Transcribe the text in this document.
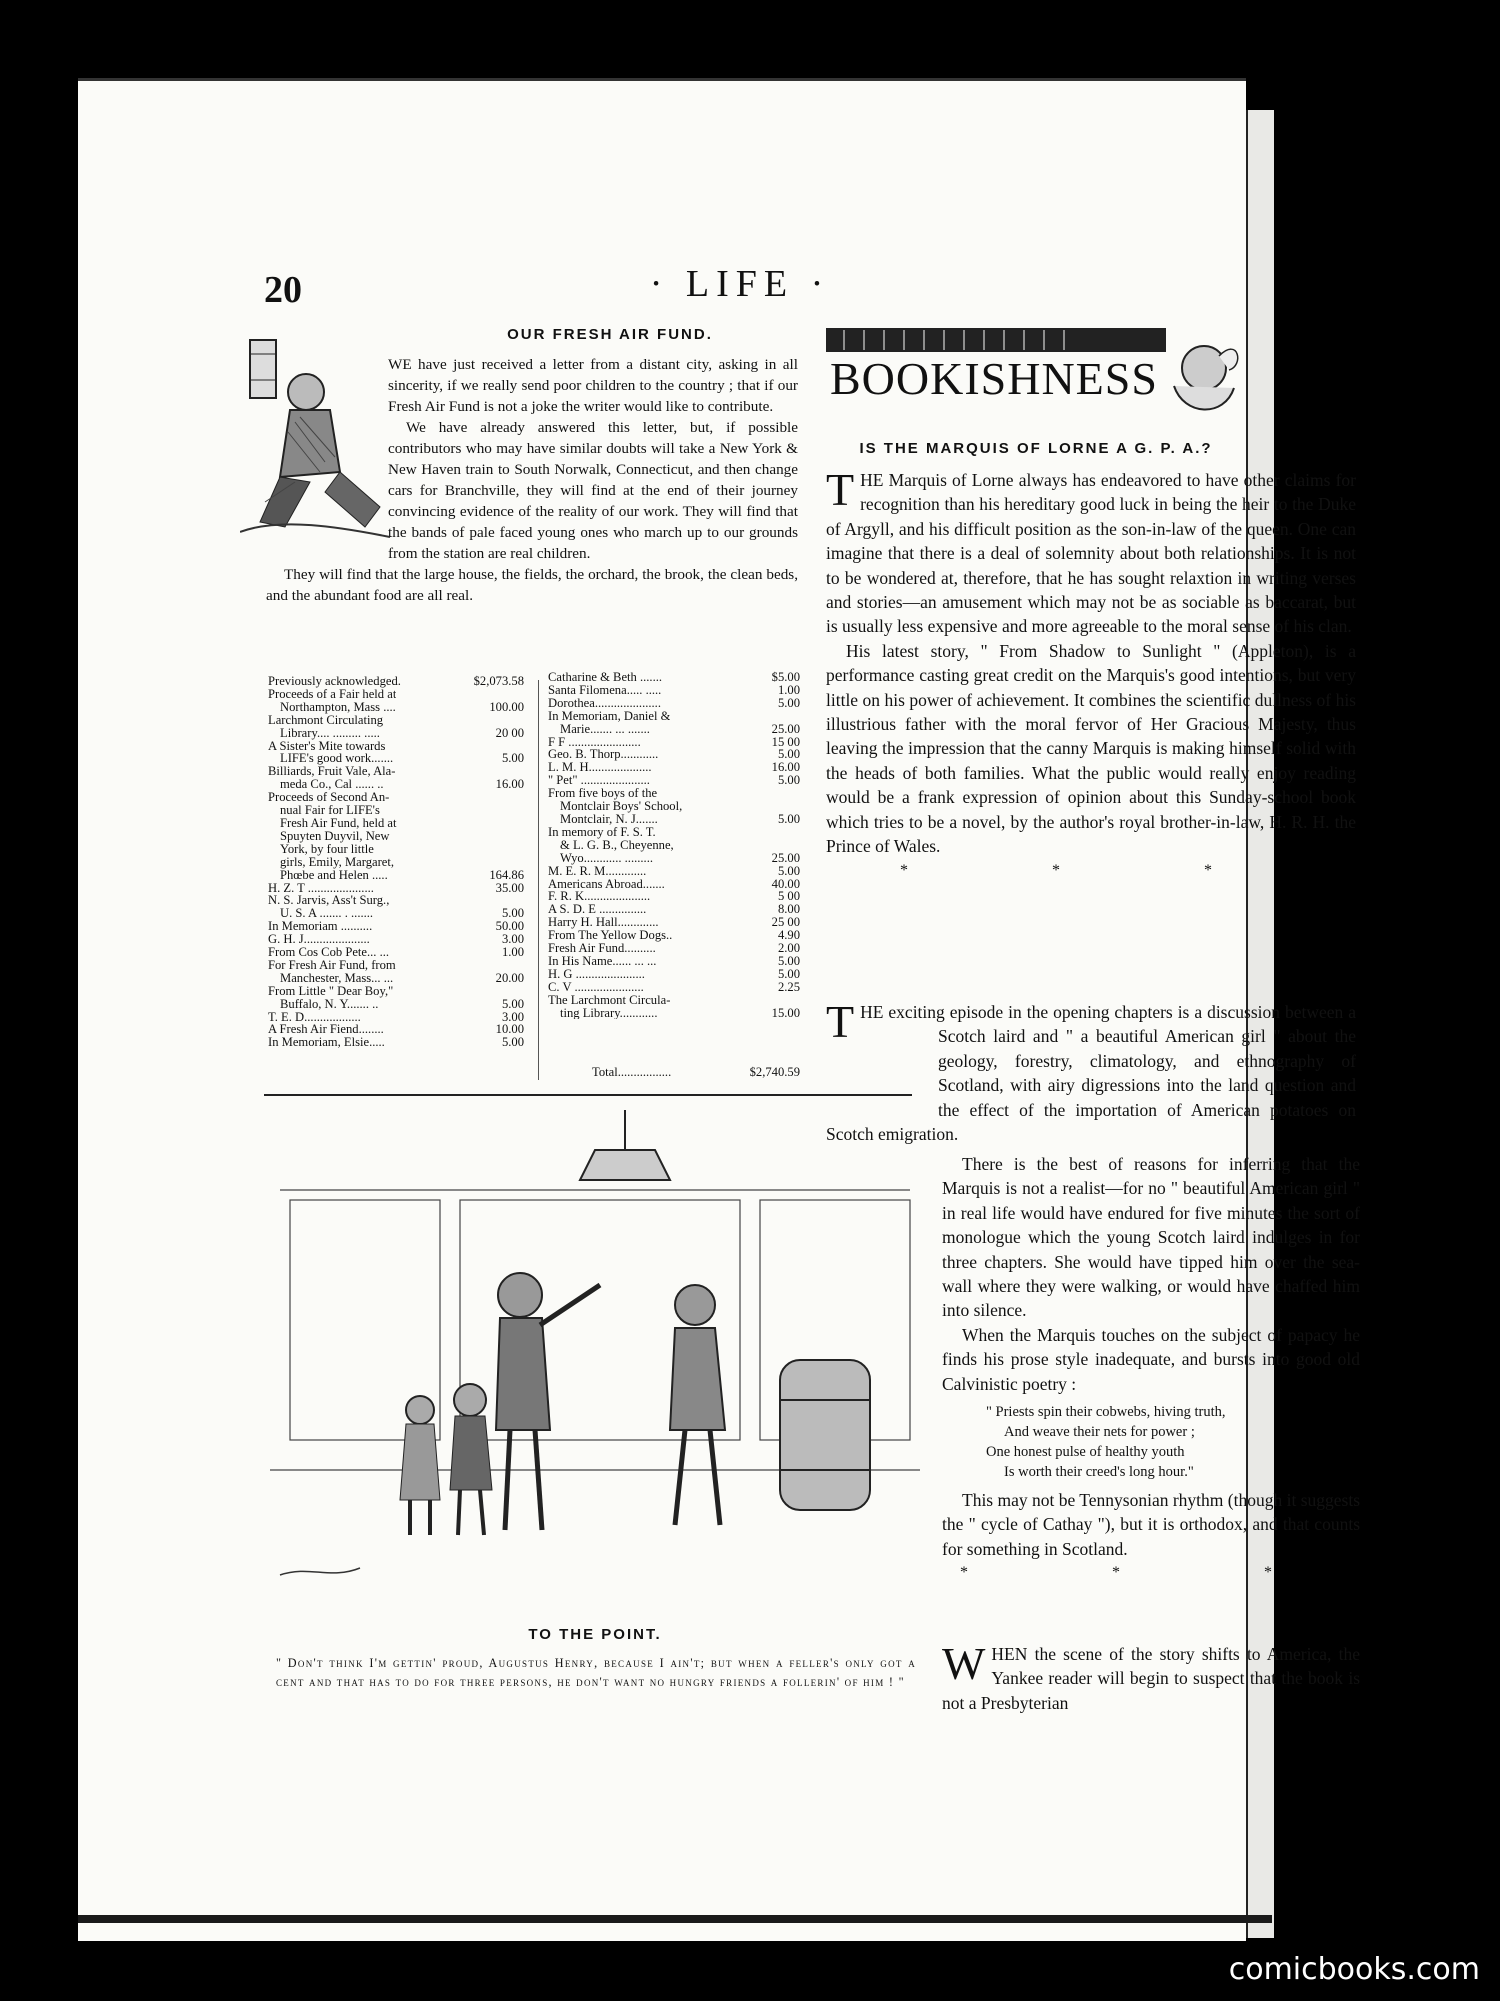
20	· LIFE ·
OUR FRESH AIR FUND.

WE have just received a letter from a distant city, asking in all sincerity, if we really send poor children to the country ; that if our Fresh Air Fund is not a joke the writer would like to contribute.

We have already answered this letter, but, if possible contributors who may have similar doubts will take a New York & New Haven train to South Norwalk, Connecticut, and then change cars for Branchville, they will find at the end of their journey convincing evidence of the reality of our work. They will find that the bands of pale faced young ones who march up to our grounds from the station are real children.

They will find that the large house, the fields, the orchard, the brook, the clean beds, and the abundant food are all real.

Previously acknowledged.	$2,073.58
Proceeds of a Fair held at
Northampton, Mass ....	100.00
Larchmont Circulating
Library.... ......... .....	20 00
A Sister's Mite towards
LIFE's good work.......	5.00
Billiards, Fruit Vale, Ala-
meda Co., Cal ...... ..	16.00
Proceeds of Second An-
nual Fair for LIFE's
Fresh Air Fund, held at
Spuyten Duyvil, New
York, by four little
girls, Emily, Margaret,
Phœbe and Helen .....	164.86
H. Z. T .....................	35.00
N. S. Jarvis, Ass't Surg.,
U. S. A ....... . .......	5.00
In Memoriam ..........	50.00
G. H. J.....................	3.00
From Cos Cob Pete... ...	1.00
For Fresh Air Fund, from
Manchester, Mass... ...	20.00
From Little " Dear Boy,"
Buffalo, N. Y....... ..	5.00
T. E. D..................	3.00
A Fresh Air Fiend........	10.00
In Memoriam, Elsie.....	5.00
Catharine & Beth .......	$5.00
Santa Filomena..... .....	1.00
Dorothea.....................	5.00
In Memoriam, Daniel &
Marie....... ... .......	25.00
F F .......................	15 00
Geo. B. Thorp............	5.00
L. M. H....................	16.00
" Pet" ......................	5.00
From five boys of the
Montclair Boys' School,
Montclair, N. J.......	5.00
In memory of F. S. T.
& L. G. B., Cheyenne,
Wyo............ .........	25.00
M. E. R. M.............	5.00
Americans Abroad.......	40.00
F. R. K.....................	5 00
A S. D. E ...............	8.00
Harry H. Hall.............	25 00
From The Yellow Dogs..	4.90
Fresh Air Fund..........	2.00
In His Name...... ... ...	5.00
H. G ......................	5.00
C. V ......................	2.25
The Larchmont Circula-
ting Library............	15.00
Total.................	$2,740.59
TO THE POINT.
" Don't think I'm gettin' proud, Augustus Henry, because I ain't; but when a feller's only got a cent and that has to do for three persons, he don't want no hungry friends a follerin' of him ! "
BOOKISHNESS
IS THE MARQUIS OF LORNE A G. P. A.?
T HE Marquis of Lorne always has endeavored to have other claims for recognition than his hereditary good luck in being the heir to the Duke of Argyll, and his difficult position as the son-in-law of the queen. One can imagine that there is a deal of solemnity about both relationships. It is not to be wondered at, therefore, that he has sought relaxtion in writing verses and stories—an amusement which may not be as sociable as baccarat, but is usually less expensive and more agreeable to the moral sense of his clan.

His latest story, " From Shadow to Sunlight " (Appleton), is a performance casting great credit on the Marquis's good intentions, but very little on his power of achievement. It combines the scientific dullness of his illustrious father with the moral fervor of Her Gracious Majesty, thus leaving the impression that the canny Marquis is making himself solid with the heads of both families. What the public would really enjoy reading would be a frank expression of opinion about this Sunday-school book which tries to be a novel, by the author's royal brother-in-law, H. R. H. the Prince of Wales.

* * *
T HE exciting episode in the opening chapters is a discussion between a Scotch laird and " a beautiful American girl " about the geology, forestry, climatology, and ethnography of Scotland, with airy digressions into the land question and the effect of the importation of American potatoes on Scotch emigration.

There is the best of reasons for inferring that the Marquis is not a realist—for no " beautiful American girl " in real life would have endured for five minutes the sort of monologue which the young Scotch laird indulges in for three chapters. She would have tipped him over the sea-wall where they were walking, or would have chaffed him into silence.

When the Marquis touches on the subject of papacy he finds his prose style inadequate, and bursts into good old Calvinistic poetry :

" Priests spin their cobwebs, hiving truth,
And weave their nets for power ;
One honest pulse of healthy youth
Is worth their creed's long hour."

This may not be Tennysonian rhythm (though it suggests the " cycle of Cathay "), but it is orthodox, and that counts for something in Scotland.

* * *
W HEN the scene of the story shifts to America, the Yankee reader will begin to suspect that the book is not a Presbyterian

comicbooks.com
